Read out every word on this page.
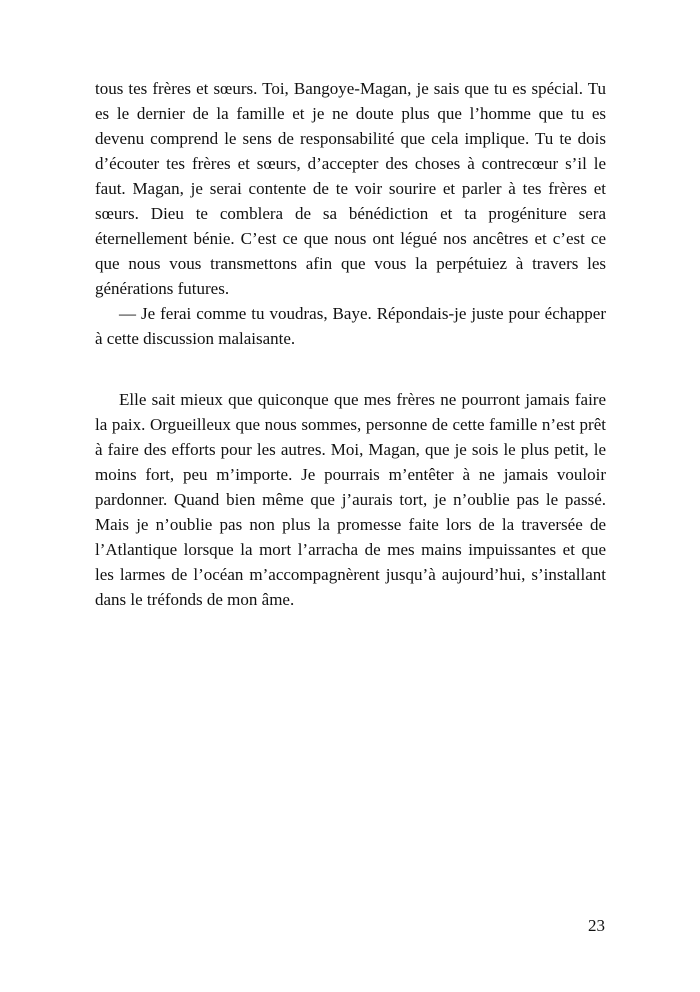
tous tes frères et sœurs. Toi, Bangoye-Magan, je sais que tu es spécial. Tu es le dernier de la famille et je ne doute plus que l’homme que tu es devenu comprend le sens de responsabilité que cela implique. Tu te dois d’écouter tes frères et sœurs, d’accepter des choses à contrecœur s’il le faut. Magan, je serai contente de te voir sourire et parler à tes frères et sœurs. Dieu te comblera de sa bénédiction et ta progéniture sera éternellement bénie. C’est ce que nous ont légué nos ancêtres et c’est ce que nous vous transmettons afin que vous la perpétuiez à travers les générations futures.

— Je ferai comme tu voudras, Baye. Répondais-je juste pour échapper à cette discussion malaisante.

Elle sait mieux que quiconque que mes frères ne pourront jamais faire la paix. Orgueilleux que nous sommes, personne de cette famille n’est prêt à faire des efforts pour les autres. Moi, Magan, que je sois le plus petit, le moins fort, peu m’importe. Je pourrais m’entêter à ne jamais vouloir pardonner. Quand bien même que j’aurais tort, je n’oublie pas le passé. Mais je n’oublie pas non plus la promesse faite lors de la traversée de l’Atlantique lorsque la mort l’arracha de mes mains impuissantes et que les larmes de l’océan m’accompagnèrent jusqu’à aujourd’hui, s’installant dans le tréfonds de mon âme.

23
